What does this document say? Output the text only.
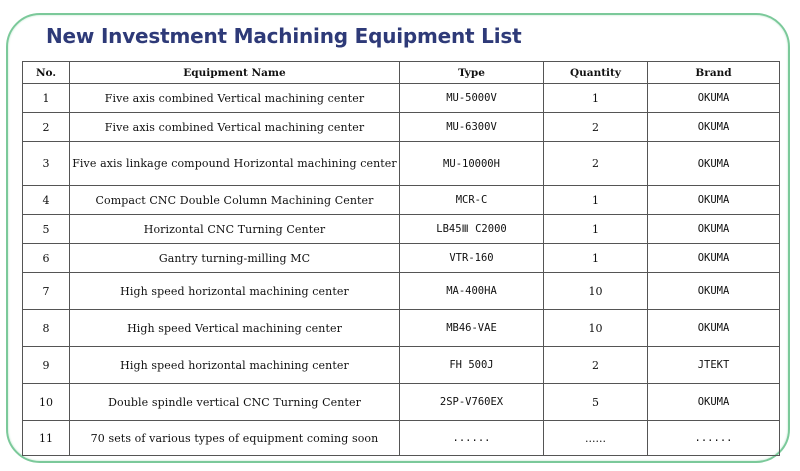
New Investment Machining Equipment List
No.	Equipment Name	Type	Quantity	Brand
1	Five axis combined Vertical machining center	MU-5000V	1	OKUMA
2	Five axis combined Vertical machining center	MU-6300V	2	OKUMA
3	Five axis linkage compound Horizontal machining center	MU-10000H	2	OKUMA
4	Compact CNC Double Column Machining Center	MCR-C	1	OKUMA
5	Horizontal CNC Turning Center	LB45Ⅲ C2000	1	OKUMA
6	Gantry turning-milling MC	VTR-160	1	OKUMA
7	High speed horizontal machining center	MA-400HA	10	OKUMA
8	High speed Vertical machining center	MB46-VAE	10	OKUMA
9	High speed horizontal machining center	FH 500J	2	JTEKT
10	Double spindle vertical CNC Turning Center	2SP-V760EX	5	OKUMA
11	70 sets of various types of equipment coming soon	......	......	......
